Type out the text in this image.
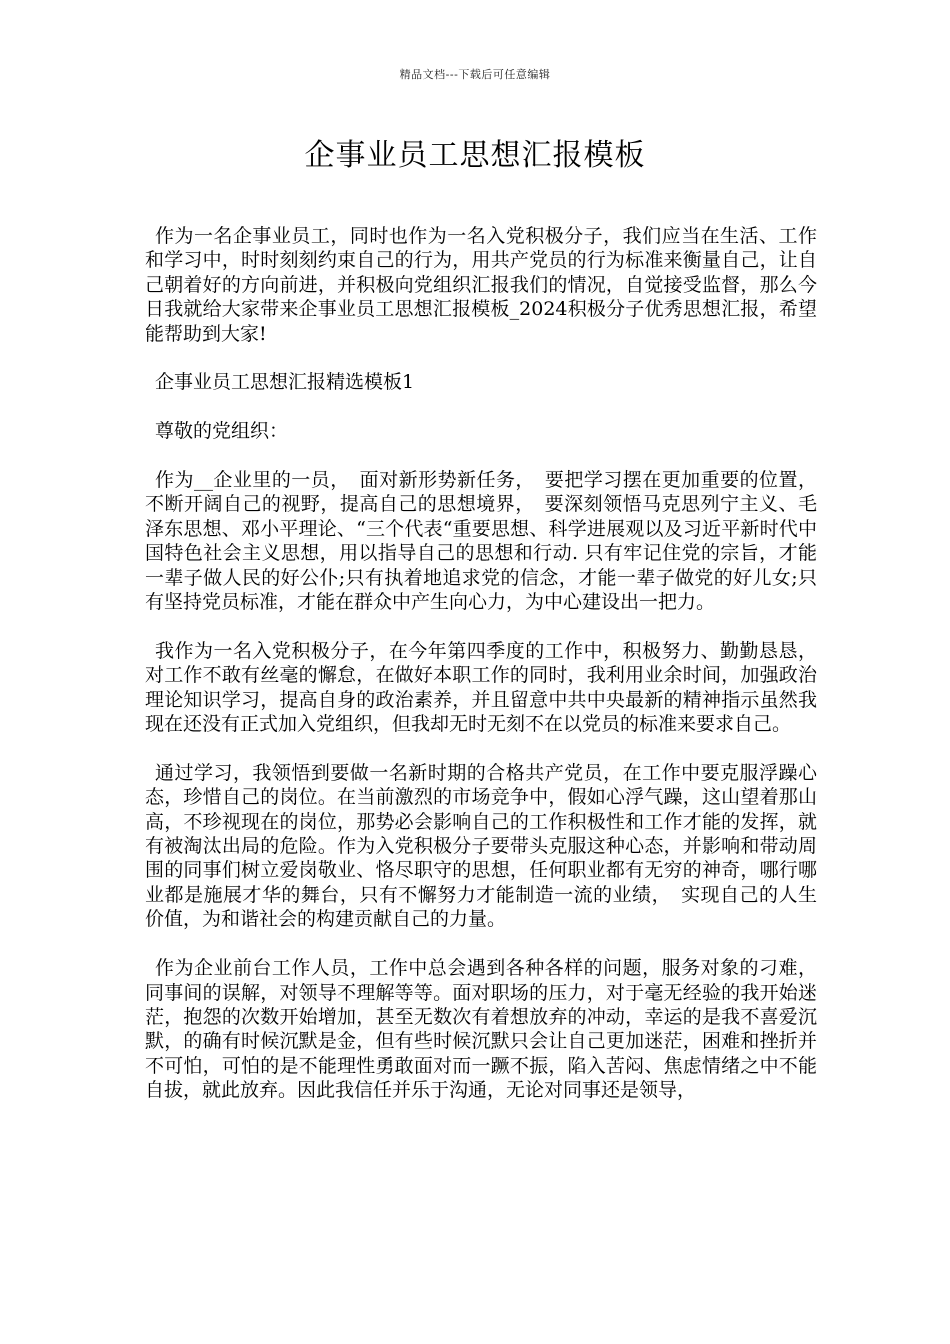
精品文档---下载后可任意编辑
企事业员工思想汇报模板

作为一名企事业员工，同时也作为一名入党积极分子，我们应当在生活、工作和学习中，时时刻刻约束自己的行为，用共产党员的行为标准来衡量自己，让自己朝着好的方向前进，并积极向党组织汇报我们的情况，自觉接受监督，那么今日我就给大家带来企事业员工思想汇报模板_2024积极分子优秀思想汇报，希望能帮助到大家!

企事业员工思想汇报精选模板1

尊敬的党组织：

作为__企业里的一员，　面对新形势新任务，　要把学习摆在更加重要的位置，不断开阔自己的视野，提高自己的思想境界，　要深刻领悟马克思列宁主义、毛泽东思想、邓小平理论、“三个代表“重要思想、科学进展观以及习近平新时代中国特色社会主义思想，用以指导自己的思想和行动. 只有牢记住党的宗旨，才能一辈子做人民的好公仆;只有执着地追求党的信念，才能一辈子做党的好儿女;只有坚持党员标准，才能在群众中产生向心力，为中心建设出一把力。

我作为一名入党积极分子，在今年第四季度的工作中，积极努力、勤勤恳恳，对工作不敢有丝毫的懈怠，在做好本职工作的同时，我利用业余时间，加强政治理论知识学习，提高自身的政治素养，并且留意中共中央最新的精神指示虽然我现在还没有正式加入党组织，但我却无时无刻不在以党员的标准来要求自己。

通过学习，我领悟到要做一名新时期的合格共产党员，在工作中要克服浮躁心态，珍惜自己的岗位。在当前激烈的市场竞争中，假如心浮气躁，这山望着那山高，不珍视现在的岗位，那势必会影响自己的工作积极性和工作才能的发挥，就有被淘汰出局的危险。作为入党积极分子要带头克服这种心态，并影响和带动周围的同事们树立爱岗敬业、恪尽职守的思想，任何职业都有无穷的神奇，哪行哪业都是施展才华的舞台，只有不懈努力才能制造一流的业绩，　实现自己的人生价值，为和谐社会的构建贡献自己的力量。

作为企业前台工作人员，工作中总会遇到各种各样的问题，服务对象的刁难，同事间的误解，对领导不理解等等。面对职场的压力，对于毫无经验的我开始迷茫，抱怨的次数开始增加，甚至无数次有着想放弃的冲动，幸运的是我不喜爱沉默，的确有时候沉默是金，但有些时候沉默只会让自己更加迷茫，困难和挫折并不可怕，可怕的是不能理性勇敢面对而一蹶不振，陷入苦闷、焦虑情绪之中不能自拔，就此放弃。因此我信任并乐于沟通，无论对同事还是领导，
